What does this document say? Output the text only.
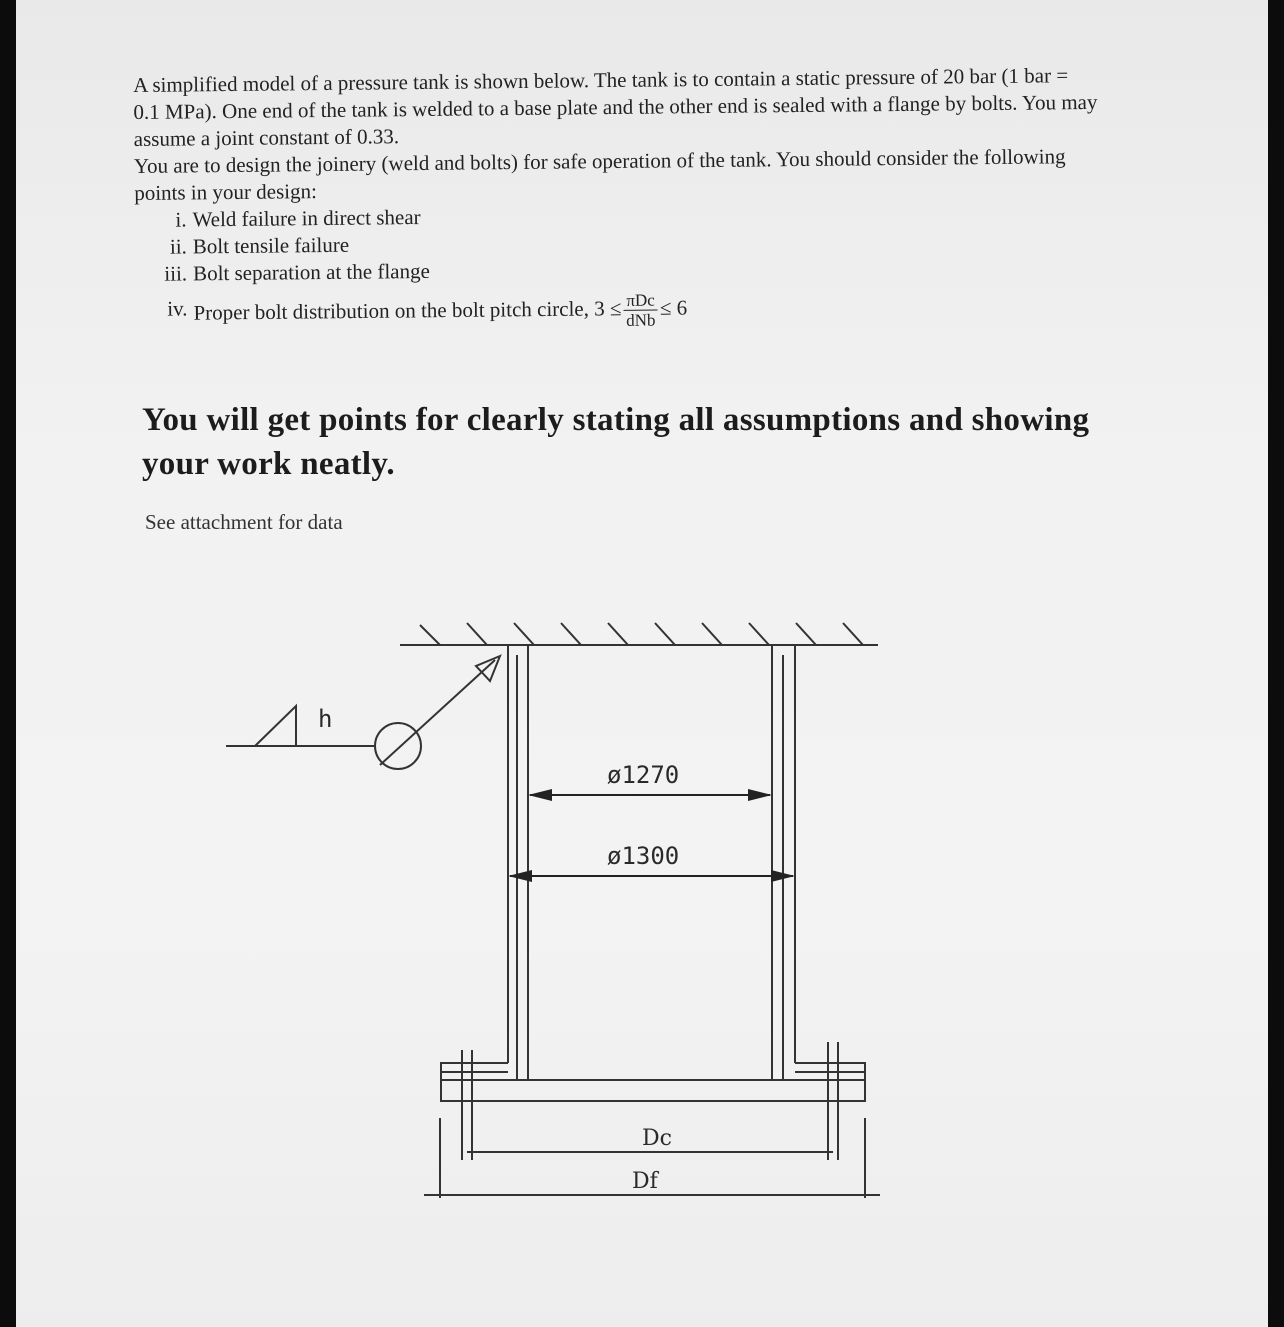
A simplified model of a pressure tank is shown below. The tank is to contain a static pressure of 20 bar (1 bar = 0.1 MPa). One end of the tank is welded to a base plate and the other end is sealed with a flange by bolts. You may assume a joint constant of 0.33.

You are to design the joinery (weld and bolts) for safe operation of the tank. You should consider the following points in your design:

i. Weld failure in direct shear
ii. Bolt tensile failure
iii. Bolt separation at the flange
iv. Proper bolt distribution on the bolt pitch circle, $3 \le \frac{\text{πDc}}{\text{dNb}} \le 6$
You will get points for clearly stating all assumptions and showing your work neatly.
See attachment for data
h
ø1270
ø1300
Dc
Df
